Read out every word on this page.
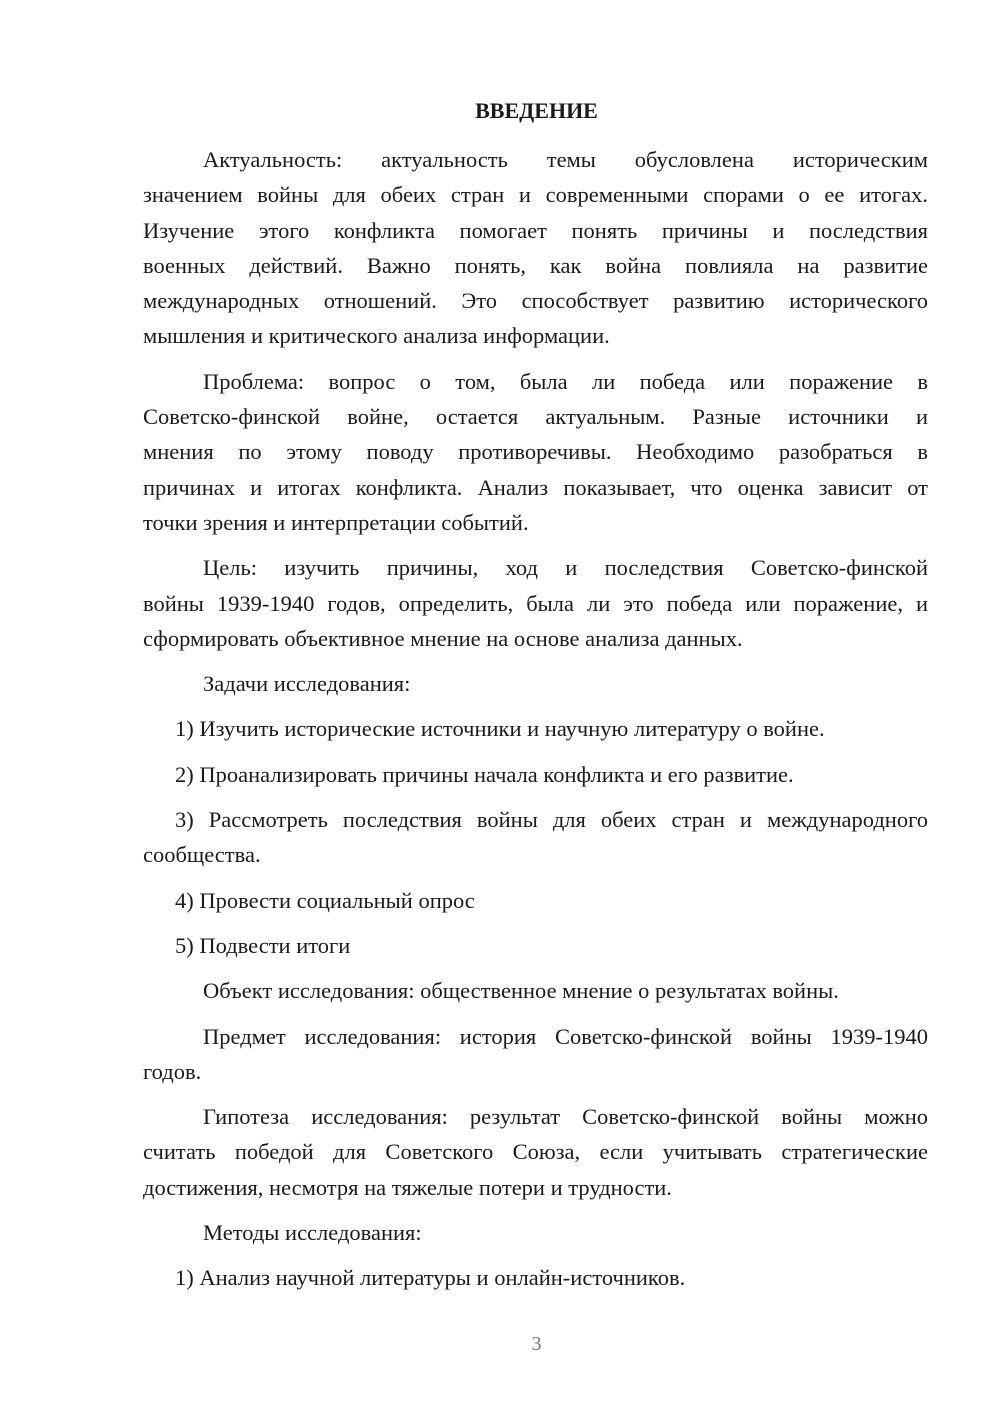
ВВЕДЕНИЕ
Актуальность: актуальность темы обусловлена историческим
значением войны для обеих стран и современными спорами о ее итогах.
Изучение этого конфликта помогает понять причины и последствия
военных действий. Важно понять, как война повлияла на развитие
международных отношений. Это способствует развитию исторического
мышления и критического анализа информации.
Проблема: вопрос о том, была ли победа или поражение в
Советско-финской войне, остается актуальным. Разные источники и
мнения по этому поводу противоречивы. Необходимо разобраться в
причинах и итогах конфликта. Анализ показывает, что оценка зависит от
точки зрения и интерпретации событий.
Цель: изучить причины, ход и последствия Советско-финской
войны 1939-1940 годов, определить, была ли это победа или поражение, и
сформировать объективное мнение на основе анализа данных.
Задачи исследования:
1) Изучить исторические источники и научную литературу о войне.
2) Проанализировать причины начала конфликта и его развитие.
3) Рассмотреть последствия войны для обеих стран и международного
сообщества.
4) Провести социальный опрос
5) Подвести итоги
Объект исследования: общественное мнение о результатах войны.
Предмет исследования: история Советско-финской войны 1939-1940
годов.
Гипотеза исследования: результат Советско-финской войны можно
считать победой для Советского Союза, если учитывать стратегические
достижения, несмотря на тяжелые потери и трудности.
Методы исследования:
1) Анализ научной литературы и онлайн-источников.
3
